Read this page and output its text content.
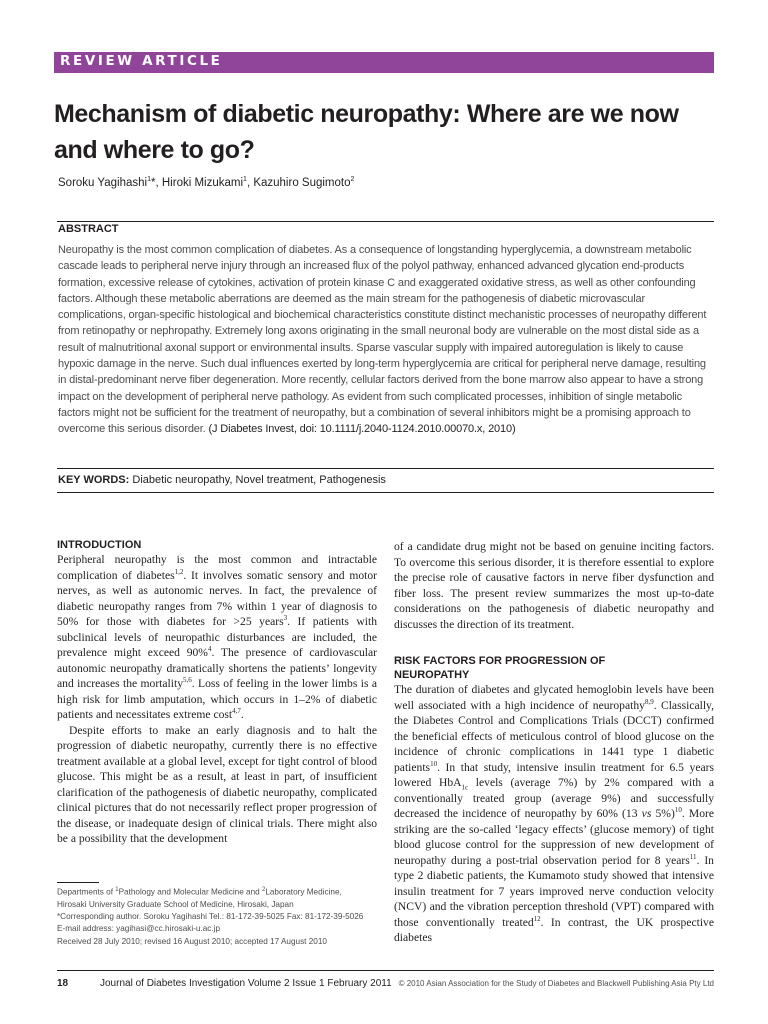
REVIEW ARTICLE
Mechanism of diabetic neuropathy: Where are we now and where to go?
Soroku Yagihashi$^1$*, Hiroki Mizukami$^1$, Kazuhiro Sugimoto$^2$
ABSTRACT
Neuropathy is the most common complication of diabetes. As a consequence of longstanding hyperglycemia, a downstream metabolic cascade leads to peripheral nerve injury through an increased flux of the polyol pathway, enhanced advanced glycation end-products formation, excessive release of cytokines, activation of protein kinase C and exaggerated oxidative stress, as well as other confounding factors. Although these metabolic aberrations are deemed as the main stream for the pathogenesis of diabetic microvascular complications, organ-specific histological and biochemical characteristics constitute distinct mechanistic processes of neuropathy different from retinopathy or nephropathy. Extremely long axons originating in the small neuronal body are vulnerable on the most distal side as a result of malnutritional axonal support or environmental insults. Sparse vascular supply with impaired autoregulation is likely to cause hypoxic damage in the nerve. Such dual influences exerted by long-term hyperglycemia are critical for peripheral nerve damage, resulting in distal-predominant nerve fiber degeneration. More recently, cellular factors derived from the bone marrow also appear to have a strong impact on the development of peripheral nerve pathology. As evident from such complicated processes, inhibition of single metabolic factors might not be sufficient for the treatment of neuropathy, but a combination of several inhibitors might be a promising approach to overcome this serious disorder. (J Diabetes Invest, doi: 10.1111/j.2040-1124.2010.00070.x, 2010)
KEY WORDS: Diabetic neuropathy, Novel treatment, Pathogenesis
INTRODUCTION

Peripheral neuropathy is the most common and intractable complication of diabetes$^{1,2}$. It involves somatic sensory and motor nerves, as well as autonomic nerves. In fact, the prevalence of diabetic neuropathy ranges from 7% within 1 year of diagnosis to 50% for those with diabetes for >25 years$^3$. If patients with subclinical levels of neuropathic disturbances are included, the prevalence might exceed 90%$^4$. The presence of cardiovascular autonomic neuropathy dramatically shortens the patients’ longevity and increases the mortality$^{5,6}$. Loss of feeling in the lower limbs is a high risk for limb amputation, which occurs in 1–2% of diabetic patients and necessitates extreme cost$^{4,7}$.

Despite efforts to make an early diagnosis and to halt the progression of diabetic neuropathy, currently there is no effective treatment available at a global level, except for tight control of blood glucose. This might be as a result, at least in part, of insufficient clarification of the pathogenesis of diabetic neuropathy, complicated clinical pictures that do not necessarily reflect proper progression of the disease, or inadequate design of clinical trials. There might also be a possibility that the development

of a candidate drug might not be based on genuine inciting factors. To overcome this serious disorder, it is therefore essential to explore the precise role of causative factors in nerve fiber dysfunction and fiber loss. The present review summarizes the most up-to-date considerations on the pathogenesis of diabetic neuropathy and discusses the direction of its treatment.

RISK FACTORS FOR PROGRESSION OF
NEUROPATHY

The duration of diabetes and glycated hemoglobin levels have been well associated with a high incidence of neuropathy$^{8,9}$. Classically, the Diabetes Control and Complications Trials (DCCT) confirmed the beneficial effects of meticulous control of blood glucose on the incidence of chronic complications in 1441 type 1 diabetic patients$^{10}$. In that study, intensive insulin treatment for 6.5 years lowered HbA$_{1c}$ levels (average 7%) by 2% compared with a conventionally treated group (average 9%) and successfully decreased the incidence of neuropathy by 60% (13 vs 5%)$^{10}$. More striking are the so-called ‘legacy effects’ (glucose memory) of tight blood glucose control for the suppression of new development of neuropathy during a post-trial observation period for 8 years$^{11}$. In type 2 diabetic patients, the Kumamoto study showed that intensive insulin treatment for 7 years improved nerve conduction velocity (NCV) and the vibration perception threshold (VPT) compared with those conventionally treated$^{12}$. In contrast, the UK prospective diabetes

Departments of $^1$Pathology and Molecular Medicine and $^2$Laboratory Medicine,
Hirosaki University Graduate School of Medicine, Hirosaki, Japan
*Corresponding author. Soroku Yagihashi Tel.: 81-172-39-5025 Fax: 81-172-39-5026
E-mail address: yagihasi@cc.hirosaki-u.ac.jp
Received 28 July 2010; revised 16 August 2010; accepted 17 August 2010
18	Journal of Diabetes Investigation Volume 2 Issue 1 February 2011 © 2010 Asian Association for the Study of Diabetes and Blackwell Publishing Asia Pty Ltd
